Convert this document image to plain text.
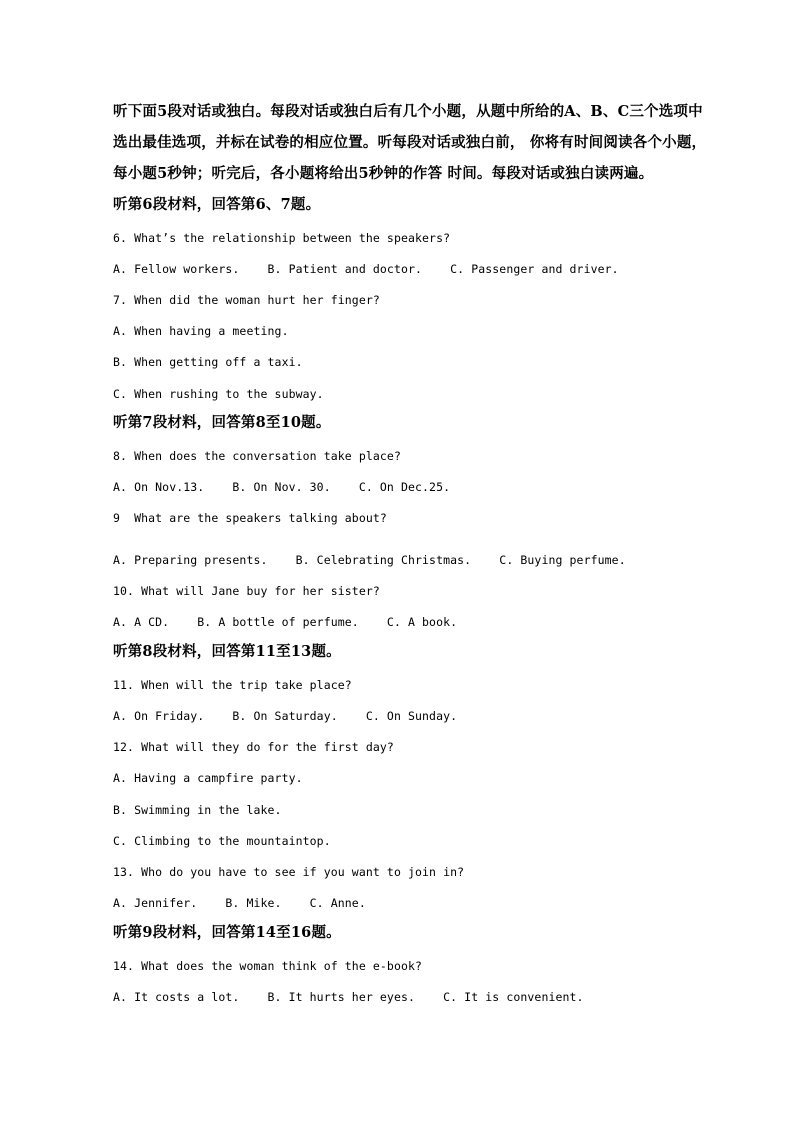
听下面5段对话或独白。每段对话或独白后有几个小题，从题中所给的A、B、C三个选项中
选出最佳选项，并标在试卷的相应位置。听每段对话或独白前， 你将有时间阅读各个小题，
每小题5秒钟；听完后，各小题将给出5秒钟的作答 时间。每段对话或独白读两遍。
听第6段材料，回答第6、7题。
6. What’s the relationship between the speakers?
A. Fellow workers.    B. Patient and doctor.    C. Passenger and driver.
7. When did the woman hurt her finger?
A. When having a meeting.
B. When getting off a taxi.
C. When rushing to the subway.
听第7段材料，回答第8至10题。
8. When does the conversation take place?
A. On Nov.13.    B. On Nov. 30.    C. On Dec.25.
9  What are the speakers talking about?
A. Preparing presents.    B. Celebrating Christmas.    C. Buying perfume.
10. What will Jane buy for her sister?
A. A CD.    B. A bottle of perfume.    C. A book.
听第8段材料，回答第11至13题。
11. When will the trip take place?
A. On Friday.    B. On Saturday.    C. On Sunday.
12. What will they do for the first day?
A. Having a campfire party.
B. Swimming in the lake.
C. Climbing to the mountaintop.
13. Who do you have to see if you want to join in?
A. Jennifer.    B. Mike.    C. Anne.
听第9段材料，回答第14至16题。
14. What does the woman think of the e-book?
A. It costs a lot.    B. It hurts her eyes.    C. It is convenient.
